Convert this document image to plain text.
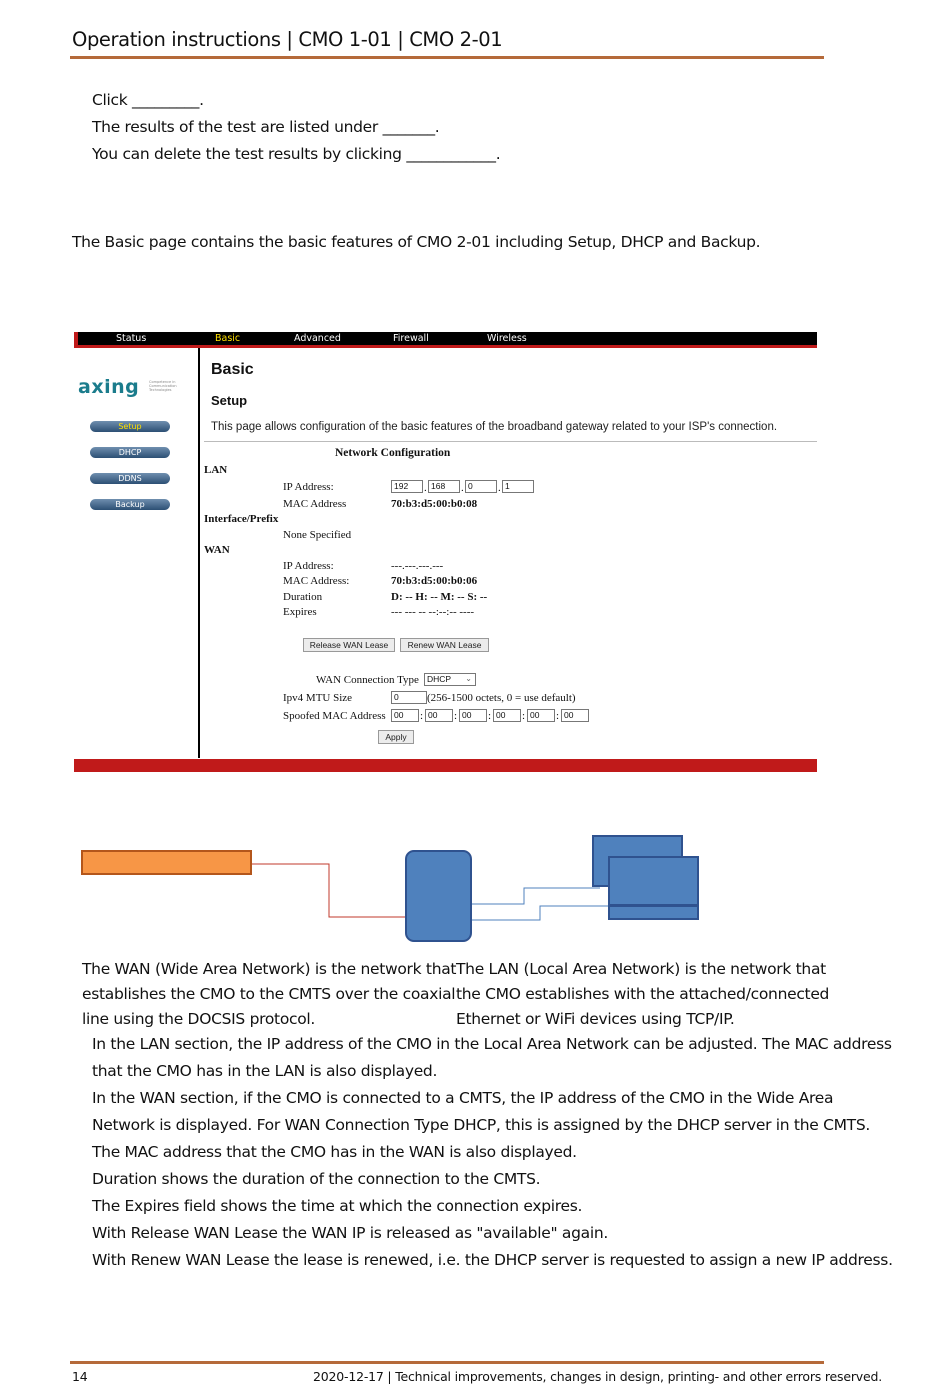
Operation instructions | CMO 1-01 | CMO 2-01
Click _________.
The results of the test are listed under _______.
You can delete the test results by clicking ____________.
The Basic page contains the basic features of CMO 2-01 including Setup, DHCP and Backup.
Status	Basic	Advanced	Firewall	Wireless
axing	Competence in Communication Technologies
Setup
DHCP
DDNS
Backup
Basic
Setup
This page allows configuration of the basic features of the broadband gateway related to your ISP's connection.
Network Configuration
LAN
IP Address:	192	. 168	. 0	. 1
MAC Address	70:b3:d5:00:b0:08
Interface/Prefix
None Specified
WAN
IP Address:	---.---.---.---
MAC Address:	70:b3:d5:00:b0:06
Duration	D: -- H: -- M: -- S: --
Expires	--- --- -- --:--:-- ----
Release WAN Lease	Renew WAN Lease
WAN Connection Type DHCP ⌄
Ipv4 MTU Size	0	(256-1500 octets, 0 = use default)
Spoofed MAC Address 00	: 00	: 00	: 00	: 00	: 00
Apply
The WAN (Wide Area Network) is the network that
establishes the CMO to the CMTS over the coaxial
line using the DOCSIS protocol.
The LAN (Local Area Network) is the network that
the CMO establishes with the attached/connected
Ethernet or WiFi devices using TCP/IP.
In the LAN section, the IP address of the CMO in the Local Area Network can be adjusted. The MAC address
that the CMO has in the LAN is also displayed.
In the WAN section, if the CMO is connected to a CMTS, the IP address of the CMO in the Wide Area
Network is displayed. For WAN Connection Type DHCP, this is assigned by the DHCP server in the CMTS.
The MAC address that the CMO has in the WAN is also displayed.
Duration shows the duration of the connection to the CMTS.
The Expires field shows the time at which the connection expires.
With Release WAN Lease the WAN IP is released as "available" again.
With Renew WAN Lease the lease is renewed, i.e. the DHCP server is requested to assign a new IP address.
14	2020-12-17 | Technical improvements, changes in design, printing- and other errors reserved.
